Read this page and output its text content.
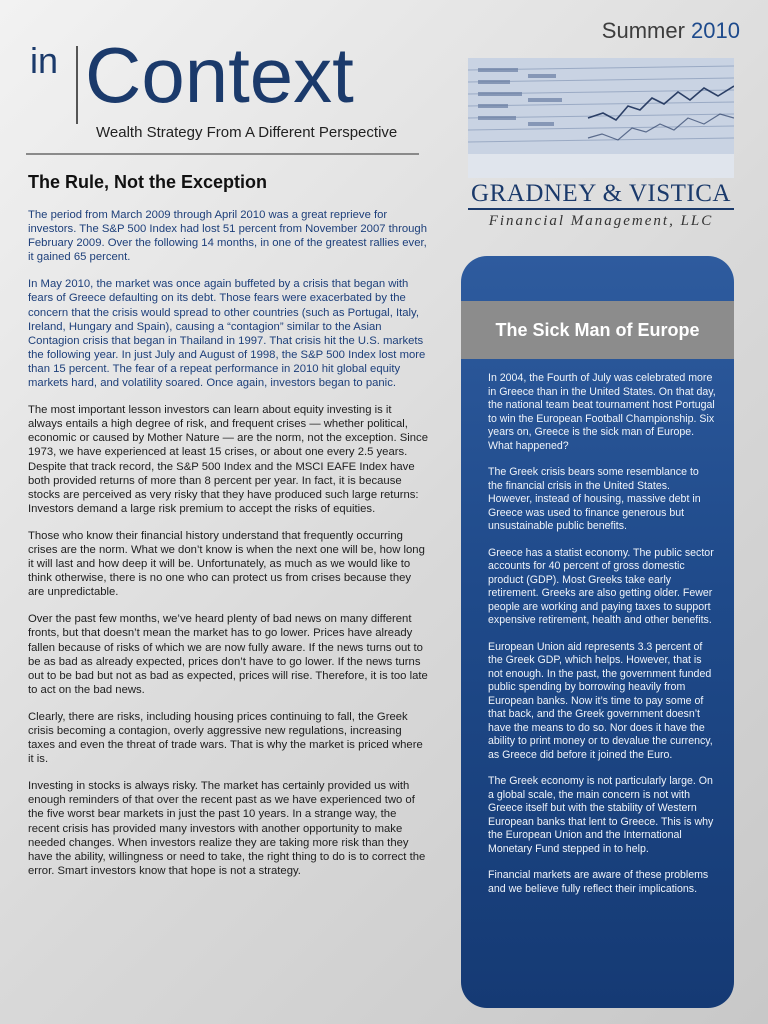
Summer 2010
in Context
Wealth Strategy From A Different Perspective
GRADNEY & VISTICA
Financial Management, LLC
The Rule, Not the Exception

The period from March 2009 through April 2010 was a great reprieve for investors. The S&P 500 Index had lost 51 percent from November 2007 through February 2009. Over the following 14 months, in one of the greatest rallies ever, it gained 65 percent.

In May 2010, the market was once again buffeted by a crisis that began with fears of Greece defaulting on its debt. Those fears were exacerbated by the concern that the crisis would spread to other countries (such as Portugal, Italy, Ireland, Hungary and Spain), causing a “contagion” similar to the Asian Contagion crisis that began in Thailand in 1997. That crisis hit the U.S. markets the following year. In just July and August of 1998, the S&P 500 Index lost more than 15 percent. The fear of a repeat performance in 2010 hit global equity markets hard, and volatility soared. Once again, investors began to panic.

The most important lesson investors can learn about equity investing is it always entails a high degree of risk, and frequent crises — whether political, economic or caused by Mother Nature — are the norm, not the exception. Since 1973, we have experienced at least 15 crises, or about one every 2.5 years. Despite that track record, the S&P 500 Index and the MSCI EAFE Index have both provided returns of more than 8 percent per year. In fact, it is because stocks are perceived as very risky that they have produced such large returns: Investors demand a large risk premium to accept the risks of equities.

Those who know their financial history understand that frequently occurring crises are the norm. What we don’t know is when the next one will be, how long it will last and how deep it will be. Unfortunately, as much as we would like to think otherwise, there is no one who can protect us from crises because they are unpredictable.

Over the past few months, we’ve heard plenty of bad news on many different fronts, but that doesn’t mean the market has to go lower. Prices have already fallen because of risks of which we are now fully aware. If the news turns out to be as bad as already expected, prices don’t have to go lower. If the news turns out to be bad but not as bad as expected, prices will rise. Therefore, it is too late to act on the bad news.

Clearly, there are risks, including housing prices continuing to fall, the Greek crisis becoming a contagion, overly aggressive new regulations, increasing taxes and even the threat of trade wars. That is why the market is priced where it is.

Investing in stocks is always risky. The market has certainly provided us with enough reminders of that over the recent past as we have experienced two of the five worst bear markets in just the past 10 years. In a strange way, the recent crisis has provided many investors with another opportunity to make needed changes. When investors realize they are taking more risk than they have the ability, willingness or need to take, the right thing to do is to correct the error. Smart investors know that hope is not a strategy.

The Sick Man of Europe

In 2004, the Fourth of July was celebrated more in Greece than in the United States. On that day, the national team beat tournament host Portugal to win the European Football Championship. Six years on, Greece is the sick man of Europe. What happened?

The Greek crisis bears some resemblance to the financial crisis in the United States. However, instead of housing, massive debt in Greece was used to finance generous but unsustainable public benefits.

Greece has a statist economy. The public sector accounts for 40 percent of gross domestic product (GDP). Most Greeks take early retirement. Greeks are also getting older. Fewer people are working and paying taxes to support expensive retirement, health and other benefits.

European Union aid represents 3.3 percent of the Greek GDP, which helps. However, that is not enough. In the past, the government funded public spending by borrowing heavily from European banks. Now it’s time to pay some of that back, and the Greek government doesn’t have the means to do so. Nor does it have the ability to print money or to devalue the currency, as Greece did before it joined the Euro.

The Greek economy is not particularly large. On a global scale, the main concern is not with Greece itself but with the stability of Western European banks that lent to Greece. This is why the European Union and the International Monetary Fund stepped in to help.

Financial markets are aware of these problems and we believe fully reflect their implications.
